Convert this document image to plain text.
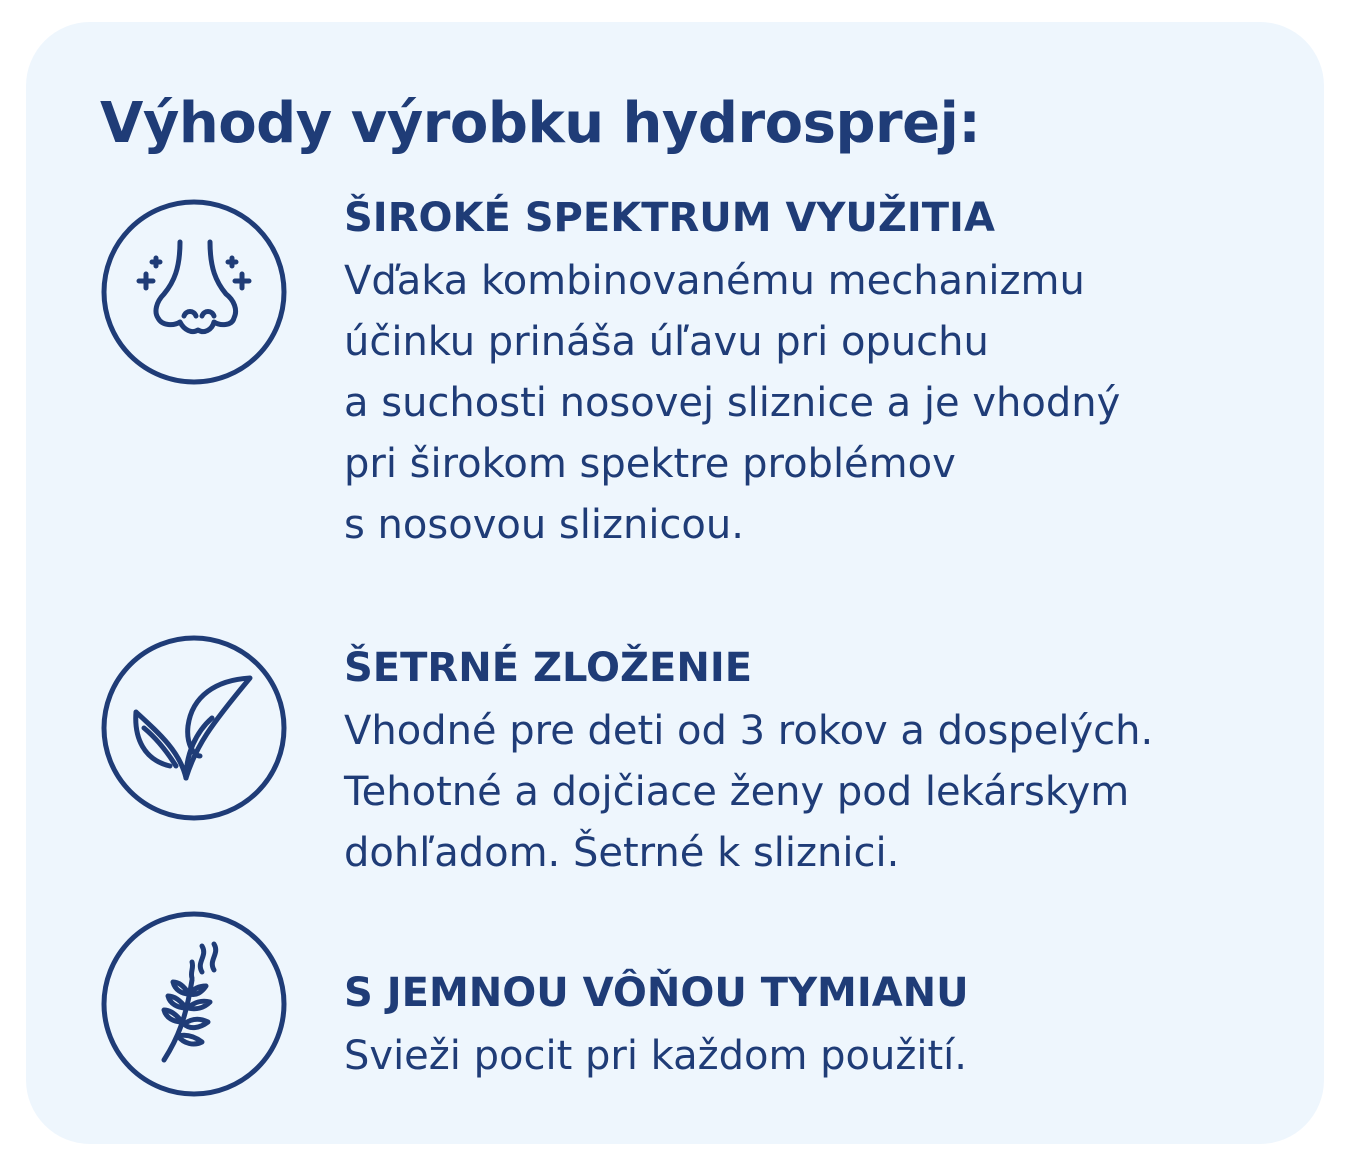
Výhody výrobku hydrosprej:
ŠIROKÉ SPEKTRUM VYUŽITIA
Vďaka kombinovanému mechanizmu
účinku prináša úľavu pri opuchu
a suchosti nosovej sliznice a je vhodný
pri širokom spektre problémov
s nosovou sliznicou.
ŠETRNÉ ZLOŽENIE
Vhodné pre deti od 3 rokov a dospelých.
Tehotné a dojčiace ženy pod lekárskym
dohľadom. Šetrné k sliznici.
S JEMNOU VÔŇOU TYMIANU
Svieži pocit pri každom použití.
